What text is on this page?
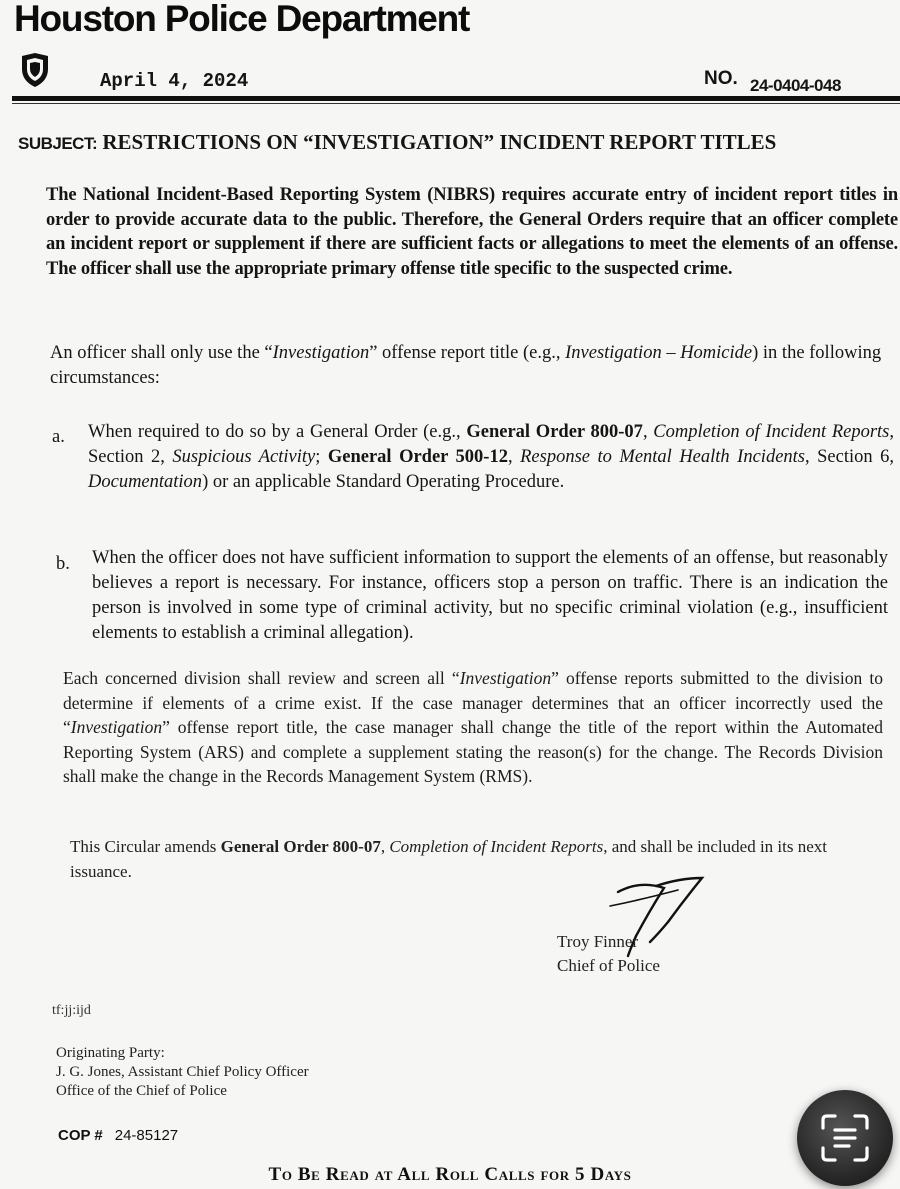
Houston Police Department
April 4, 2024	NO. 24-0404-048
SUBJECT: RESTRICTIONS ON “INVESTIGATION” INCIDENT REPORT TITLES

The National Incident-Based Reporting System (NIBRS) requires accurate entry of incident report titles in order to provide accurate data to the public. Therefore, the General Orders require that an officer complete an incident report or supplement if there are sufficient facts or allegations to meet the elements of an offense. The officer shall use the appropriate primary offense title specific to the suspected crime.

An officer shall only use the “Investigation” offense report title (e.g., Investigation – Homicide) in the following circumstances:

a. When required to do so by a General Order (e.g., General Order 800-07, Completion of Incident Reports, Section 2, Suspicious Activity; General Order 500-12, Response to Mental Health Incidents, Section 6, Documentation) or an applicable Standard Operating Procedure.

b. When the officer does not have sufficient information to support the elements of an offense, but reasonably believes a report is necessary. For instance, officers stop a person on traffic. There is an indication the person is involved in some type of criminal activity, but no specific criminal violation (e.g., insufficient elements to establish a criminal allegation).

Each concerned division shall review and screen all “Investigation” offense reports submitted to the division to determine if elements of a crime exist. If the case manager determines that an officer incorrectly used the “Investigation” offense report title, the case manager shall change the title of the report within the Automated Reporting System (ARS) and complete a supplement stating the reason(s) for the change. The Records Division shall make the change in the Records Management System (RMS).

This Circular amends General Order 800-07, Completion of Incident Reports, and shall be included in its next issuance.

Troy Finner
Chief of Police
tf:jj:ijd
Originating Party:
J. G. Jones, Assistant Chief Policy Officer
Office of the Chief of Police
COP # 24-85127
To Be Read at All Roll Calls for 5 Days
